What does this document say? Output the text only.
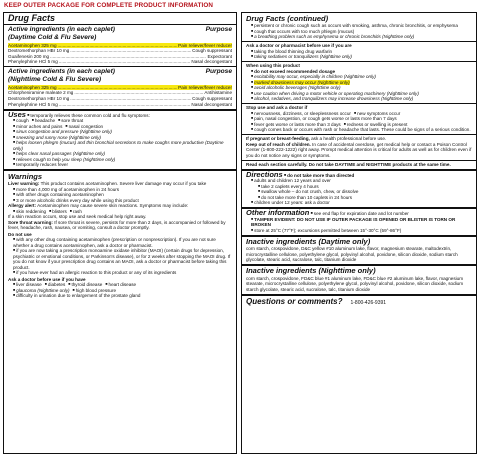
KEEP OUTER PACKAGE FOR COMPLETE PRODUCT INFORMATION
Drug Facts
Active ingredients (in each caplet)	Purpose
(Daytime Cold & Flu Severe)
Acetaminophen 325 mg .....	Pain reliever/fever reducer
Dextromethorphan HBr 10 mg .....	Cough suppressant
Guaifenesin 200 mg .....	Expectorant
Phenylephrine HCl 5 mg .....	Nasal decongestant
Active ingredients (in each caplet)	Purpose
(Nighttime Cold & Flu Severe)
Acetaminophen 325 mg .....	Pain reliever/fever reducer
Chlorpheniramine maleate 2 mg .....	Antihistamine
Dextromethorphan HBr 10 mg .....	Cough suppressant
Phenylephrine HCl 5 mg .....	Nasal decongestant

Uses ■ temporarily relieves these common cold and flu symptoms:

■ cough ■ headache ■ sore throat

■ minor aches and pains ■ nasal congestion

■ sinus congestion and pressure (Nighttime only)

■ sneezing and runny nose (Nighttime only)

■ helps loosen phlegm (mucus) and thin bronchial secretions to make coughs more productive (Daytime only)

■ helps clear nasal passages (Nighttime only)

■ relieves cough to help you sleep (Nighttime only)

■ temporarily reduces fever

Warnings

Liver warning: This product contains acetaminophen. Severe liver damage may occur if you take

■ more than 4,000 mg of acetaminophen in 24 hours

■ with other drugs containing acetaminophen

■ 3 or more alcoholic drinks every day while using this product

Allergy alert: Acetaminophen may cause severe skin reactions. Symptoms may include:

■ skin reddening ■ blisters ■ rash

If a skin reaction occurs, stop use and seek medical help right away.

Sore throat warning: If sore throat is severe, persists for more than 2 days, is accompanied or followed by fever, headache, rash, nausea, or vomiting, consult a doctor promptly.

Do not use

■ with any other drug containing acetaminophen (prescription or nonprescription). If you are not sure whether a drug contains acetaminophen, ask a doctor or pharmacist.

■ if you are now taking a prescription monoamine oxidase inhibitor (MAOI) (certain drugs for depression, psychiatric or emotional conditions, or Parkinson's disease), or for 2 weeks after stopping the MAOI drug. If you do not know if your prescription drug contains an MAOI, ask a doctor or pharmacist before taking this product.

■ if you have ever had an allergic reaction to this product or any of its ingredients

Ask a doctor before use if you have

■ liver disease ■ diabetes ■ thyroid disease ■ heart disease

■ glaucoma (Nighttime only) ■ high blood pressure

■ difficulty in urination due to enlargement of the prostate gland

Drug Facts (continued)

■ persistent or chronic cough such as occurs with smoking, asthma, chronic bronchitis, or emphysema ■ cough that occurs with too much phlegm (mucus)

■ a breathing problem such as emphysema or chronic bronchitis (Nighttime only)

Ask a doctor or pharmacist before use if you are

■ taking the blood thinning drug warfarin

■ taking sedatives or tranquilizers (Nighttime only)

When using this product

■ do not exceed recommended dosage

■ excitability may occur, especially in children (Nighttime only)

■ marked drowsiness may occur (Nighttime only)

■ avoid alcoholic beverages (Nighttime only)

■ use caution when driving a motor vehicle or operating machinery (Nighttime only)

■ alcohol, sedatives, and tranquilizers may increase drowsiness (Nighttime only)

Stop use and ask a doctor if

■ nervousness, dizziness, or sleeplessness occur ■ new symptoms occur

■ pain, nasal congestion, or cough gets worse or lasts more than 7 days

■ fever gets worse or lasts more than 3 days ■ redness or swelling is present

■ cough comes back or occurs with rash or headache that lasts. These could be signs of a serious condition.

If pregnant or breast-feeding, ask a health professional before use.

Keep out of reach of children. In case of accidental overdose, get medical help or contact a Poison Control Center (1-800-222-1222) right away. Prompt medical attention is critical for adults as well as for children even if you do not notice any signs or symptoms.

Read each section carefully. Do not take DAYTIME and NIGHTTIME products at the same time.

Directions ■ do not take more than directed

■ adults and children 12 years and over

■ take 2 caplets every 4 hours

■ swallow whole – do not crush, chew, or dissolve

■ do not take more than 10 caplets in 24 hours

■ children under 12 years: ask a doctor

Other information ■ see end flap for expiration date and lot number

■ TAMPER EVIDENT: DO NOT USE IF OUTER PACKAGE IS OPENED OR BLISTER IS TORN OR BROKEN

■ store at 25°C (77°F); excursions permitted between 15°-30°C (59°-86°F)

Inactive ingredients (Daytime only)

corn starch, crospovidone, D&C yellow #10 aluminum lake, flavor, magnesium stearate, maltodextrin, microcrystalline cellulose, polyethylene glycol, polyvinyl alcohol, povidone, silicon dioxide, sodium starch glycolate, stearic acid, sucralose, talc, titanium dioxide

Inactive ingredients (Nighttime only)

corn starch, crospovidone, FD&C blue #1 aluminum lake, FD&C blue #2 aluminum lake, flavor, magnesium stearate, microcrystalline cellulose, polyethylene glycol, polyvinyl alcohol, povidone, silicon dioxide, sodium starch glycolate, stearic acid, sucralose, talc, titanium dioxide

Questions or comments? 1-800-426-9391
